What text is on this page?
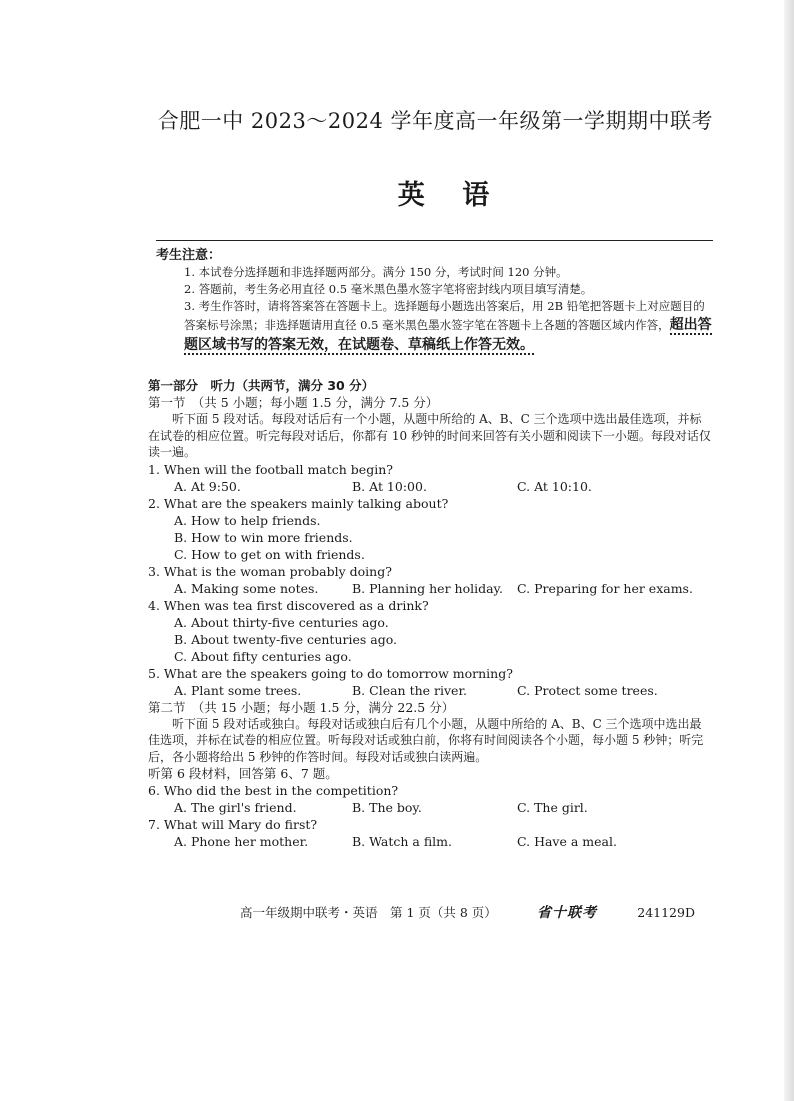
合肥一中 2023～2024 学年度高一年级第一学期期中联考
英 语
考生注意：
1. 本试卷分选择题和非选择题两部分。满分 150 分，考试时间 120 分钟。
2. 答题前，考生务必用直径 0.5 毫米黑色墨水签字笔将密封线内项目填写清楚。
3. 考生作答时，请将答案答在答题卡上。选择题每小题选出答案后，用 2B 铅笔把答题卡上对应题目的答案标号涂黑；非选择题请用直径 0.5 毫米黑色墨水签字笔在答题卡上各题的答题区域内作答，超出答题区域书写的答案无效，在试题卷、草稿纸上作答无效。
第一部分　听力（共两节，满分 30 分）
第一节　（共 5 小题；每小题 1.5 分，满分 7.5 分）
听下面 5 段对话。每段对话后有一个小题，从题中所给的 A、B、C 三个选项中选出最佳选项，并标在试卷的相应位置。听完每段对话后，你都有 10 秒钟的时间来回答有关小题和阅读下一小题。每段对话仅读一遍。

1. When will the football match begin?

A. At 9:50.	B. At 10:00.	C. At 10:10.

2. What are the speakers mainly talking about?

A. How to help friends.
B. How to win more friends.
C. How to get on with friends.

3. What is the woman probably doing?

A. Making some notes.	B. Planning her holiday.	C. Preparing for her exams.

4. When was tea first discovered as a drink?

A. About thirty-five centuries ago.
B. About twenty-five centuries ago.
C. About fifty centuries ago.

5. What are the speakers going to do tomorrow morning?

A. Plant some trees.	B. Clean the river.	C. Protect some trees.
第二节　（共 15 小题；每小题 1.5 分，满分 22.5 分）
听下面 5 段对话或独白。每段对话或独白后有几个小题，从题中所给的 A、B、C 三个选项中选出最佳选项，并标在试卷的相应位置。听每段对话或独白前，你将有时间阅读各个小题，每小题 5 秒钟；听完后，各小题将给出 5 秒钟的作答时间。每段对话或独白读两遍。
听第 6 段材料，回答第 6、7 题。

6. Who did the best in the competition?

A. The girl's friend.	B. The boy.	C. The girl.

7. What will Mary do first?

A. Phone her mother.	B. Watch a film.	C. Have a meal.
高一年级期中联考・英语　第 1 页（共 8 页）	省十联考	241129D
